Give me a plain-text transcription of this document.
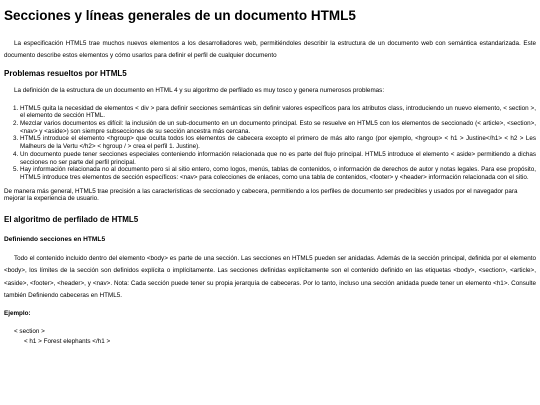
Secciones y líneas generales de un documento HTML5

La especificación HTML5 trae muchos nuevos elementos a los desarrolladores web, permitiéndoles describir la estructura de un documento web con semántica estandarizada. Este documento describe estos elementos y cómo usarlos para definir el perfil de cualquier documento

Problemas resueltos por HTML5

La definición de la estructura de un documento en HTML 4 y su algoritmo de perfilado es muy tosco y genera numerosos problemas:

1. HTML5 quita la necesidad de elementos < div > para definir secciones semánticas sin definir valores específicos para los atributos class, introduciendo un nuevo elemento, < section >, el elemento de sección HTML.
2. Mezclar varios documentos es difícil: la inclusión de un sub-documento en un documento principal. Esto se resuelve en HTML5 con los elementos de seccionado (< article>, <section>, <nav> y <aside>) son siempre subsecciones de su sección ancestra más cercana.
3. HTML5 introduce el elemento <hgroup> que oculta todos los elementos de cabecera excepto el primero de más alto rango (por ejemplo, <hgroup> < h1 > Justine</h1> < h2 > Les Malheurs de la Vertu </h2> < hgroup / > crea el perfil 1. Justine).
4. Un documento puede tener secciones especiales conteniendo información relacionada que no es parte del flujo principal. HTML5 introduce el elemento < aside> permitiendo a dichas secciones no ser parte del perfil principal.
5. Hay información relacionada no al documento pero si al sitio entero, como logos, menús, tablas de contenidos, o información de derechos de autor y notas legales. Para ese propósito, HTML5 introduce tres elementos de sección específicos: <nav> para colecciones de enlaces, como una tabla de contenidos, <footer> y <header> información relacionada con el sitio.

De manera más general, HTML5 trae precisión a las características de seccionado y cabecera, permitiendo a los perfiles de documento ser predecibles y usados por el navegador para mejorar la experiencia de usuario.

El algoritmo de perfilado de HTML5
Definiendo secciones en HTML5

Todo el contenido incluido dentro del elemento <body> es parte de una sección. Las secciones en HTML5 pueden ser anidadas. Además de la sección principal, definida por el elemento <body>, los límites de la sección son definidos explícita o implícitamente. Las secciones definidas explícitamente son el contenido definido en las etiquetas <body>, <section>, <article>, <aside>, <footer>, <header>, y <nav>. Nota: Cada sección puede tener su propia jerarquía de cabeceras. Por lo tanto, incluso una sección anidada puede tener un elemento <h1>. Consulte también Definiendo cabeceras en HTML5.

Ejemplo:

< section >

< h1 > Forest elephants </h1 >
